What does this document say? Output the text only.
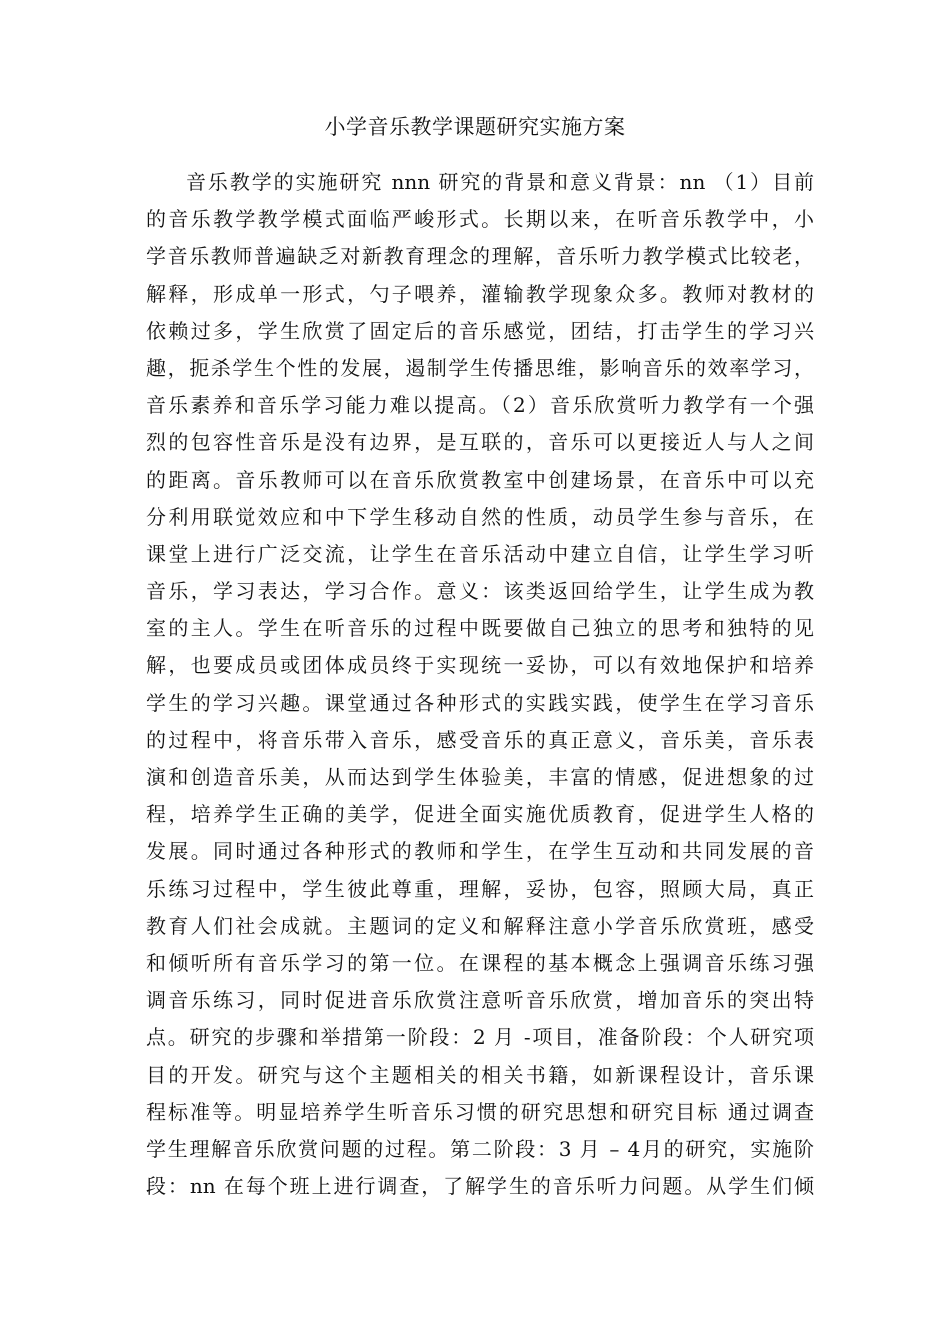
小学音乐教学课题研究实施方案
音乐教学的实施研究 nnn 研究的背景和意义背景：nn （1）目前
的音乐教学教学模式面临严峻形式。长期以来，在听音乐教学中，小
学音乐教师普遍缺乏对新教育理念的理解，音乐听力教学模式比较老，
解释，形成单一形式，勺子喂养，灌输教学现象众多。教师对教材的
依赖过多，学生欣赏了固定后的音乐感觉，团结，打击学生的学习兴
趣，扼杀学生个性的发展，遏制学生传播思维，影响音乐的效率学习，
音乐素养和音乐学习能力难以提高。（2）音乐欣赏听力教学有一个强
烈的包容性音乐是没有边界，是互联的，音乐可以更接近人与人之间
的距离。音乐教师可以在音乐欣赏教室中创建场景，在音乐中可以充
分利用联觉效应和中下学生移动自然的性质，动员学生参与音乐，在
课堂上进行广泛交流，让学生在音乐活动中建立自信，让学生学习听
音乐，学习表达，学习合作。意义：该类返回给学生，让学生成为教
室的主人。学生在听音乐的过程中既要做自己独立的思考和独特的见
解，也要成员或团体成员终于实现统一妥协，可以有效地保护和培养
学生的学习兴趣。课堂通过各种形式的实践实践，使学生在学习音乐
的过程中，将音乐带入音乐，感受音乐的真正意义，音乐美，音乐表
演和创造音乐美，从而达到学生体验美，丰富的情感，促进想象的过
程，培养学生正确的美学，促进全面实施优质教育，促进学生人格的
发展。同时通过各种形式的教师和学生，在学生互动和共同发展的音
乐练习过程中，学生彼此尊重，理解，妥协，包容，照顾大局，真正
教育人们社会成就。主题词的定义和解释注意小学音乐欣赏班，感受
和倾听所有音乐学习的第一位。在课程的基本概念上强调音乐练习强
调音乐练习，同时促进音乐欣赏注意听音乐欣赏，增加音乐的突出特
点。研究的步骤和举措第一阶段：2 月 -项目，准备阶段：个人研究项
目的开发。研究与这个主题相关的相关书籍，如新课程设计，音乐课
程标准等。明显培养学生听音乐习惯的研究思想和研究目标 通过调查
学生理解音乐欣赏问题的过程。第二阶段：3 月 – 4月的研究，实施阶
段：nn 在每个班上进行调查，了解学生的音乐听力问题。从学生们倾
